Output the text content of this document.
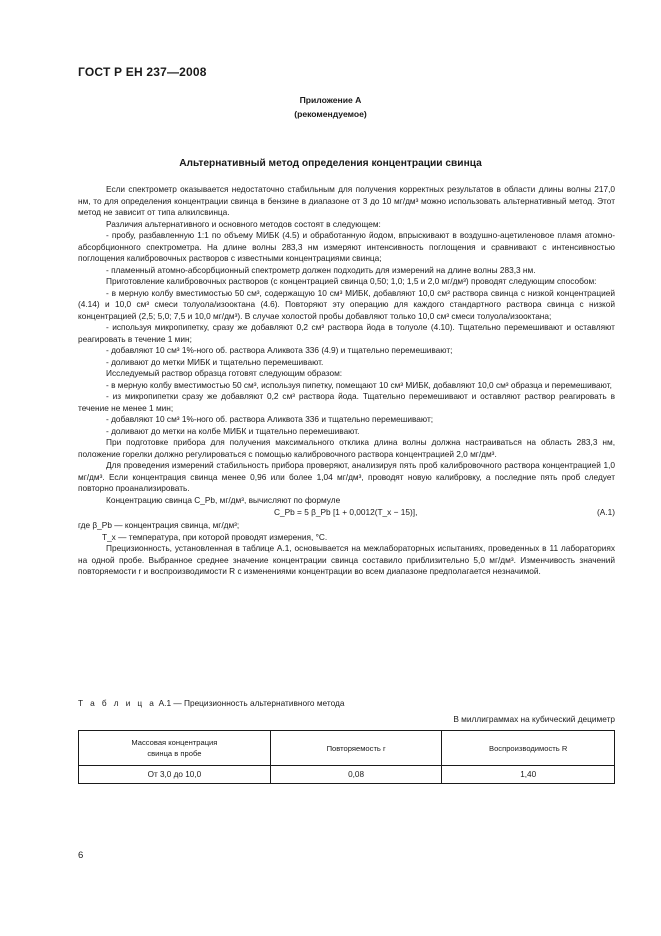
ГОСТ Р ЕН 237—2008
Приложение А
(рекомендуемое)
Альтернативный метод определения концентрации свинца

Если спектрометр оказывается недостаточно стабильным для получения корректных результатов в области длины волны 217,0 нм, то для определения концентрации свинца в бензине в диапазоне от 3 до 10 мг/дм³ можно использовать альтернативный метод. Этот метод не зависит от типа алкилсвинца.

Различия альтернативного и основного методов состоят в следующем:

- пробу, разбавленную 1:1 по объему МИБК (4.5) и обработанную йодом, впрыскивают в воздушно-ацетиленовое пламя атомно-абсорбционного спектрометра. На длине волны 283,3 нм измеряют интенсивность поглощения и сравнивают с интенсивностью поглощения калибровочных растворов с известными концентрациями свинца;

- пламенный атомно-абсорбционный спектрометр должен подходить для измерений на длине волны 283,3 нм.

Приготовление калибровочных растворов (с концентрацией свинца 0,50; 1,0; 1,5 и 2,0 мг/дм³) проводят следующим способом:

- в мерную колбу вместимостью 50 см³, содержащую 10 см³ МИБК, добавляют 10,0 см³ раствора свинца с низкой концентрацией (4.14) и 10,0 см³ смеси толуола/изооктана (4.6). Повторяют эту операцию для каждого стандартного раствора свинца с низкой концентрацией (2,5; 5,0; 7,5 и 10,0 мг/дм³). В случае холостой пробы добавляют только 10,0 см³ смеси толуола/изооктана;

- используя микропипетку, сразу же добавляют 0,2 см³ раствора йода в толуоле (4.10). Тщательно перемешивают и оставляют реагировать в течение 1 мин;

- добавляют 10 см³ 1%-ного об. раствора Аликвота 336 (4.9) и тщательно перемешивают;

- доливают до метки МИБК и тщательно перемешивают.

Исследуемый раствор образца готовят следующим образом:

- в мерную колбу вместимостью 50 см³, используя пипетку, помещают 10 см³ МИБК, добавляют 10,0 см³ образца и перемешивают,

- из микропипетки сразу же добавляют 0,2 см³ раствора йода. Тщательно перемешивают и оставляют раствор реагировать в течение не менее 1 мин;

- добавляют 10 см³ 1%-ного об. раствора Аликвота 336 и тщательно перемешивают;

- доливают до метки на колбе МИБК и тщательно перемешивают.

При подготовке прибора для получения максимального отклика длина волны должна настраиваться на область 283,3 нм, положение горелки должно регулироваться с помощью калибровочного раствора концентрацией 2,0 мг/дм³.

Для проведения измерений стабильность прибора проверяют, анализируя пять проб калибровочного раствора концентрацией 1,0 мг/дм³. Если концентрация свинца менее 0,96 или более 1,04 мг/дм³, проводят новую калибровку, а последние пять проб следует повторно проанализировать.

Концентрацию свинца C_Pb, мг/дм³, вычисляют по формуле

C_Pb = 5 β_Pb [1 + 0,0012(T_x − 15)],	(А.1)

где β_Pb — концентрация свинца, мг/дм³;

T_x — температура, при которой проводят измерения, °C.

Прецизионность, установленная в таблице А.1, основывается на межлабораторных испытаниях, проведенных в 11 лабораториях на одной пробе. Выбранное среднее значение концентрации свинца составило приблизительно 5,0 мг/дм³. Изменчивость значений повторяемости r и воспроизводимости R с изменениями концентрации во всем диапазоне предполагается незначимой.

Т а б л и ц а А.1 — Прецизионность альтернативного метода
В миллиграммах на кубический дециметр
Массовая концентрация свинца в пробе	Повторяемость r	Воспроизводимость R
От 3,0 до 10,0	0,08	1,40
6
